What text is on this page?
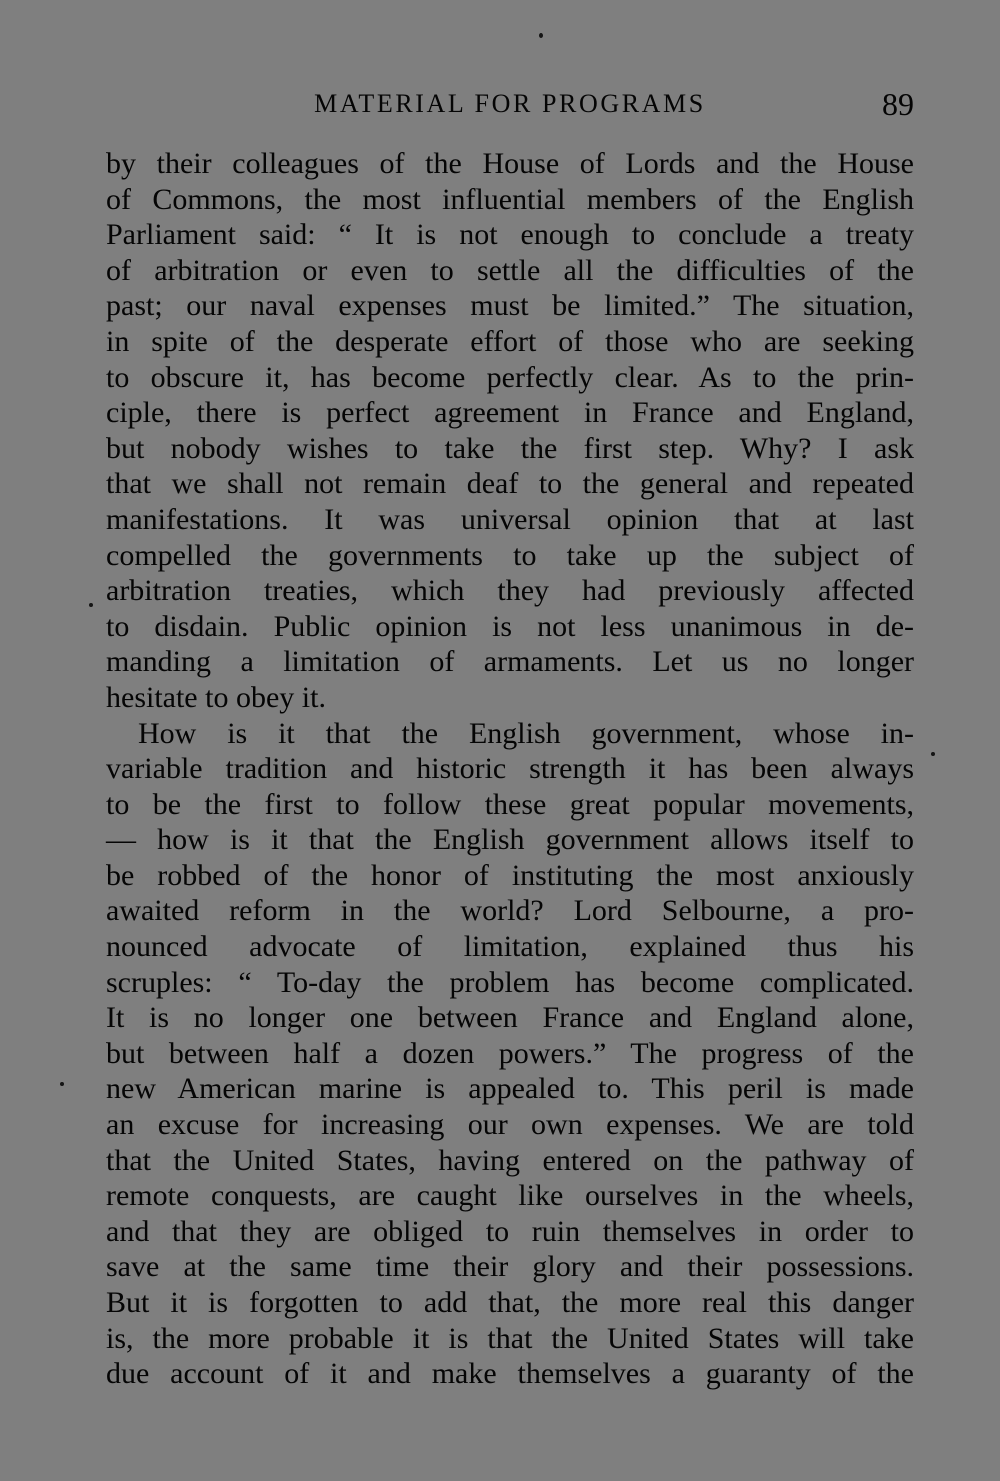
MATERIAL FOR PROGRAMS	89
by their colleagues of the House of Lords and the House
of Commons, the most influential members of the English
Parliament said: “ It is not enough to conclude a treaty
of arbitration or even to settle all the difficulties of the
past; our naval expenses must be limited.” The situation,
in spite of the desperate effort of those who are seeking
to obscure it, has become perfectly clear. As to the prin-
ciple, there is perfect agreement in France and England,
but nobody wishes to take the first step. Why? I ask
that we shall not remain deaf to the general and repeated
manifestations. It was universal opinion that at last
compelled the governments to take up the subject of
arbitration treaties, which they had previously affected
to disdain. Public opinion is not less unanimous in de-
manding a limitation of armaments. Let us no longer
hesitate to obey it.
How is it that the English government, whose in-
variable tradition and historic strength it has been always
to be the first to follow these great popular movements,
— how is it that the English government allows itself to
be robbed of the honor of instituting the most anxiously
awaited reform in the world? Lord Selbourne, a pro-
nounced advocate of limitation, explained thus his
scruples: “ To-day the problem has become complicated.
It is no longer one between France and England alone,
but between half a dozen powers.” The progress of the
new American marine is appealed to. This peril is made
an excuse for increasing our own expenses. We are told
that the United States, having entered on the pathway of
remote conquests, are caught like ourselves in the wheels,
and that they are obliged to ruin themselves in order to
save at the same time their glory and their possessions.
But it is forgotten to add that, the more real this danger
is, the more probable it is that the United States will take
due account of it and make themselves a guaranty of the
